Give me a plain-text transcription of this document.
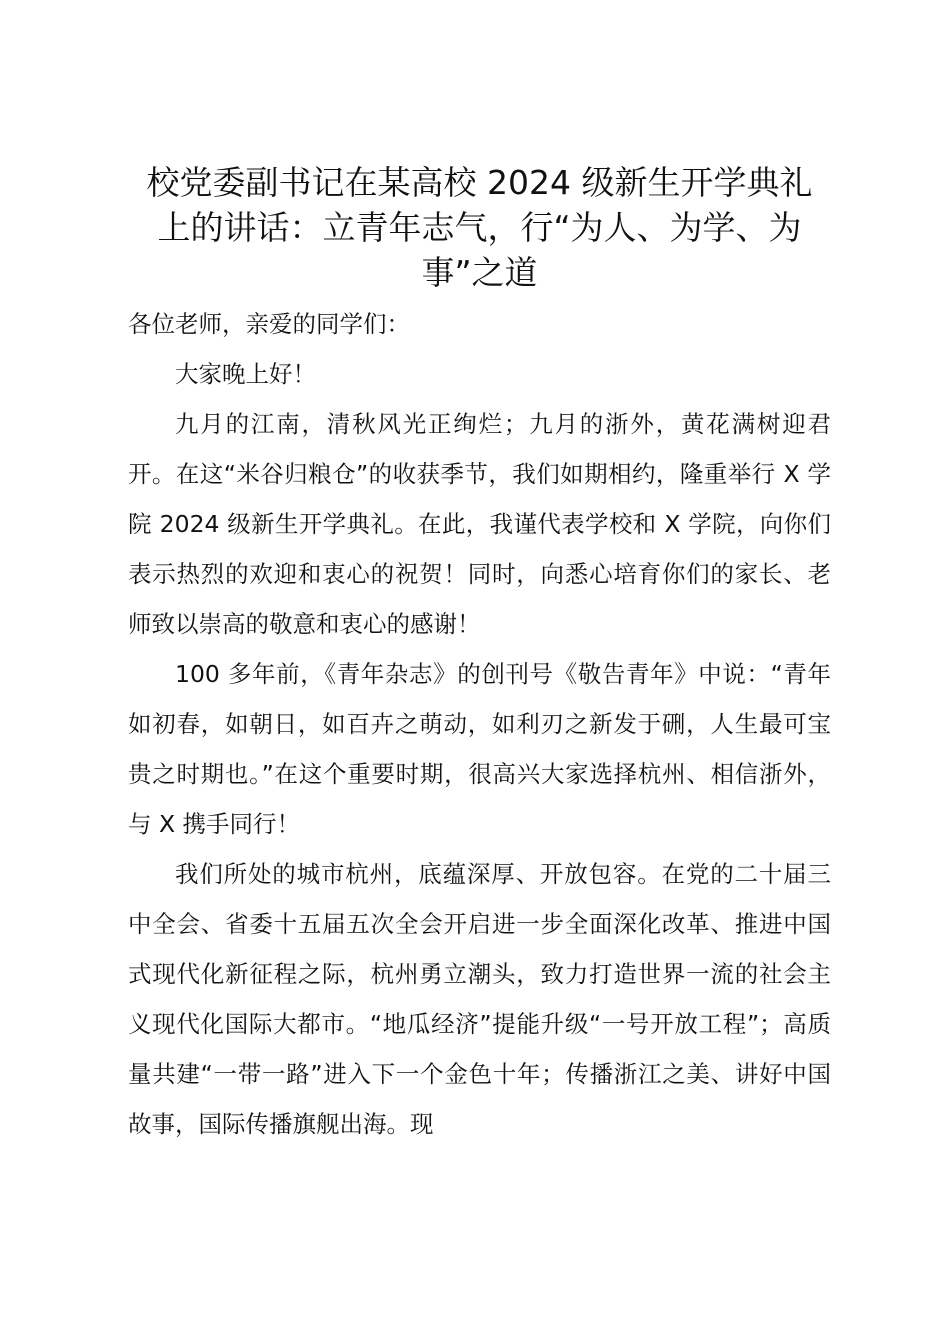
校党委副书记在某高校 2024 级新生开学典礼
上的讲话：立青年志气，行“为人、为学、为
事”之道

各位老师，亲爱的同学们：

大家晚上好！

九月的江南，清秋风光正绚烂；九月的浙外，黄花满树迎君开。在这“米谷归粮仓”的收获季节，我们如期相约，隆重举行 X 学院 2024 级新生开学典礼。在此，我谨代表学校和 X 学院，向你们表示热烈的欢迎和衷心的祝贺！同时，向悉心培育你们的家长、老师致以崇高的敬意和衷心的感谢！

100 多年前，《青年杂志》的创刊号《敬告青年》中说：“青年如初春，如朝日，如百卉之萌动，如利刃之新发于硎，人生最可宝贵之时期也。”在这个重要时期，很高兴大家选择杭州、相信浙外，与 X 携手同行！

我们所处的城市杭州，底蕴深厚、开放包容。在党的二十届三中全会、省委十五届五次全会开启进一步全面深化改革、推进中国式现代化新征程之际，杭州勇立潮头，致力打造世界一流的社会主义现代化国际大都市。“地瓜经济”提能升级“一号开放工程”；高质量共建“一带一路”进入下一个金色十年；传播浙江之美、讲好中国故事，国际传播旗舰出海。现
